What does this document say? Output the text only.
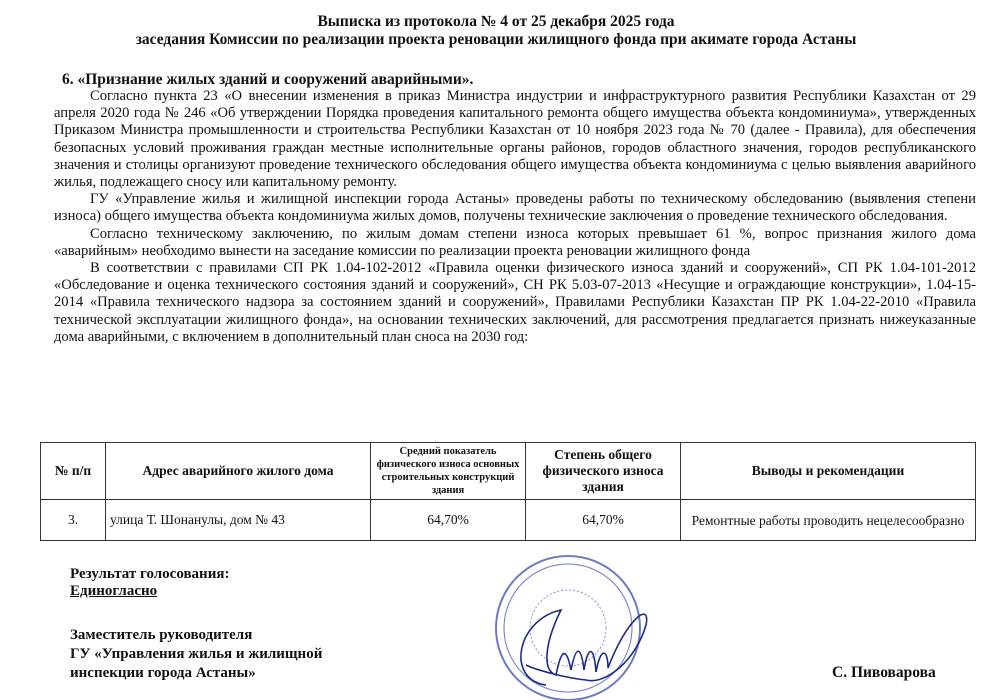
Выписка из протокола № 4 от 25 декабря 2025 года
заседания Комиссии по реализации проекта реновации жилищного фонда при акимате города Астаны
6. «Признание жилых зданий и сооружений аварийными».

Согласно пункта 23 «О внесении изменения в приказ Министра индустрии и инфраструктурного развития Республики Казахстан от 29 апреля 2020 года № 246 «Об утверждении Порядка проведения капитального ремонта общего имущества объекта кондоминиума», утвержденных Приказом Министра промышленности и строительства Республики Казахстан от 10 ноября 2023 года № 70 (далее - Правила), для обеспечения безопасных условий проживания граждан местные исполнительные органы районов, городов областного значения, городов республиканского значения и столицы организуют проведение технического обследования общего имущества объекта кондоминиума с целью выявления аварийного жилья, подлежащего сносу или капитальному ремонту.

ГУ «Управление жилья и жилищной инспекции города Астаны» проведены работы по техническому обследованию (выявления степени износа) общего имущества объекта кондоминиума жилых домов, получены технические заключения о проведение технического обследования.

Согласно техническому заключению, по жилым домам степени износа которых превышает 61 %, вопрос признания жилого дома «аварийным» необходимо вынести на заседание комиссии по реализации проекта реновации жилищного фонда

В соответствии с правилами СП РК 1.04-102-2012 «Правила оценки физического износа зданий и сооружений», СП РК 1.04-101-2012 «Обследование и оценка технического состояния зданий и сооружений», СН РК 5.03-07-2013 «Несущие и ограждающие конструкции», 1.04-15-2014 «Правила технического надзора за состоянием зданий и сооружений», Правилами Республики Казахстан ПР РК 1.04-22-2010 «Правила технической эксплуатации жилищного фонда», на основании технических заключений, для рассмотрения предлагается признать нижеуказанные дома аварийными, с включением в дополнительный план сноса на 2030 год:

№ п/п	Адрес аварийного жилого дома	Средний показатель физического износа основных строительных конструкций здания	Степень общего физического износа здания	Выводы и рекомендации
3.	улица Т. Шонанулы, дом № 43	64,70%	64,70%	Ремонтные работы проводить нецелесообразно
Результат голосования:
Единогласно
Заместитель руководителя
ГУ «Управления жилья и жилищной
инспекции города Астаны»	С. Пивоварова
